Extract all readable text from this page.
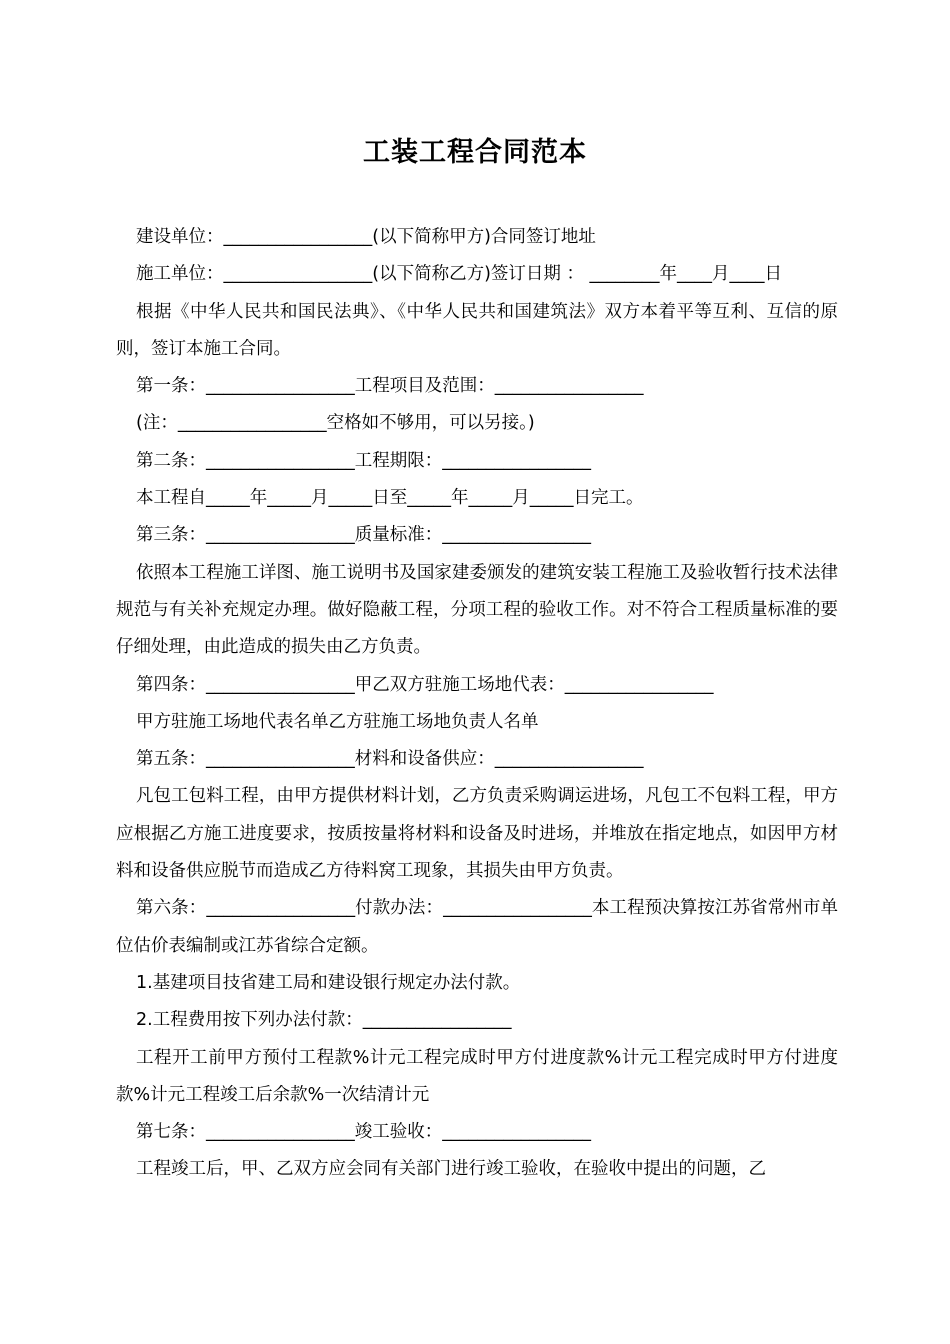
工装工程合同范本

建设单位：_________________(以下简称甲方)合同签订地址

施工单位：_________________(以下简称乙方)签订日期 ： ________年____月____日

根据《中华人民共和国民法典》、《中华人民共和国建筑法》双方本着平等互利、互信的原则，签订本施工合同。

第一条：_________________工程项目及范围：_________________

(注：_________________空格如不够用，可以另接。)

第二条：_________________工程期限：_________________

本工程自_____年_____月_____日至_____年_____月_____日完工。

第三条：_________________质量标准：_________________

依照本工程施工详图、施工说明书及国家建委颁发的建筑安装工程施工及验收暂行技术法律规范与有关补充规定办理。做好隐蔽工程，分项工程的验收工作。对不符合工程质量标准的要仔细处理，由此造成的损失由乙方负责。

第四条：_________________甲乙双方驻施工场地代表：_________________

甲方驻施工场地代表名单乙方驻施工场地负责人名单

第五条：_________________材料和设备供应：_________________

凡包工包料工程，由甲方提供材料计划，乙方负责采购调运进场，凡包工不包料工程，甲方应根据乙方施工进度要求，按质按量将材料和设备及时进场，并堆放在指定地点，如因甲方材料和设备供应脱节而造成乙方待料窝工现象，其损失由甲方负责。

第六条：_________________付款办法：_________________本工程预决算按江苏省常州市单位估价表编制或江苏省综合定额。

1.基建项目技省建工局和建设银行规定办法付款。

2.工程费用按下列办法付款：_________________

工程开工前甲方预付工程款%计元工程完成时甲方付进度款%计元工程完成时甲方付进度款%计元工程竣工后余款%一次结清计元

第七条：_________________竣工验收：_________________

工程竣工后，甲、乙双方应会同有关部门进行竣工验收，在验收中提出的问题，乙
